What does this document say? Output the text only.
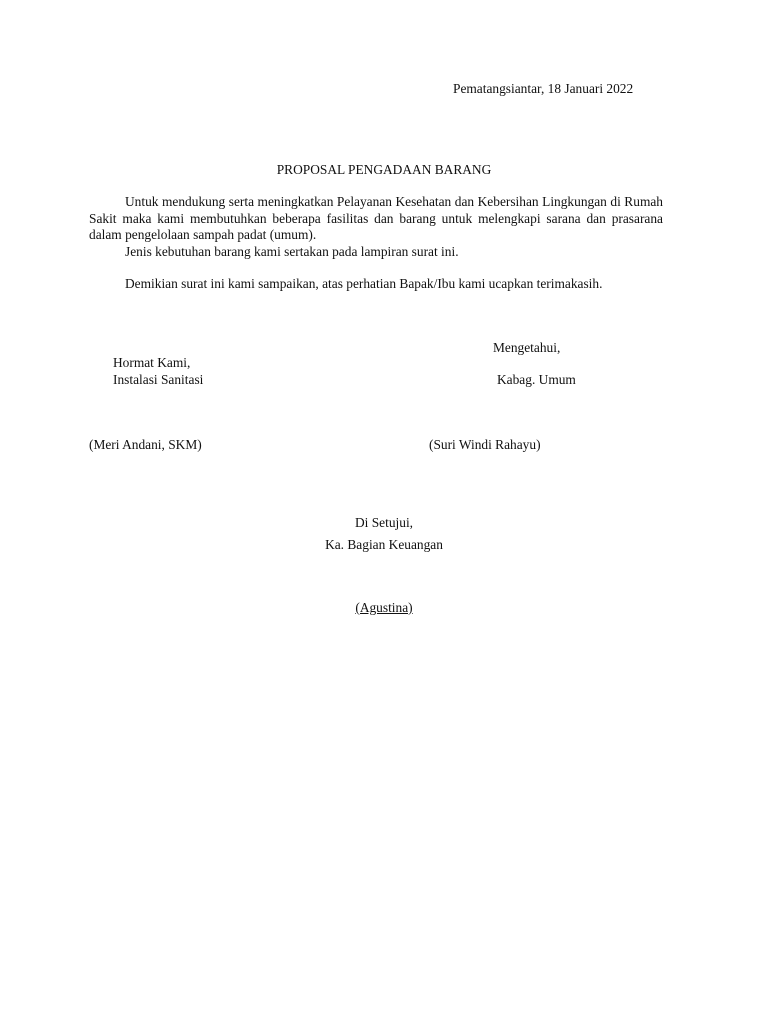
Pematangsiantar, 18 Januari 2022
PROPOSAL PENGADAAN BARANG

Untuk mendukung serta meningkatkan Pelayanan Kesehatan dan Kebersihan Lingkungan di Rumah Sakit maka kami membutuhkan beberapa fasilitas dan barang untuk melengkapi sarana dan prasarana dalam pengelolaan sampah padat (umum).

Jenis kebutuhan barang kami sertakan pada lampiran surat ini.

Demikian surat ini kami sampaikan, atas perhatian Bapak/Ibu kami ucapkan terimakasih.
Mengetahui,
Hormat Kami,
Instalasi Sanitasi	Kabag. Umum
(Meri Andani, SKM)	(Suri Windi Rahayu)
Di Setujui,
Ka. Bagian Keuangan
(Agustina)
